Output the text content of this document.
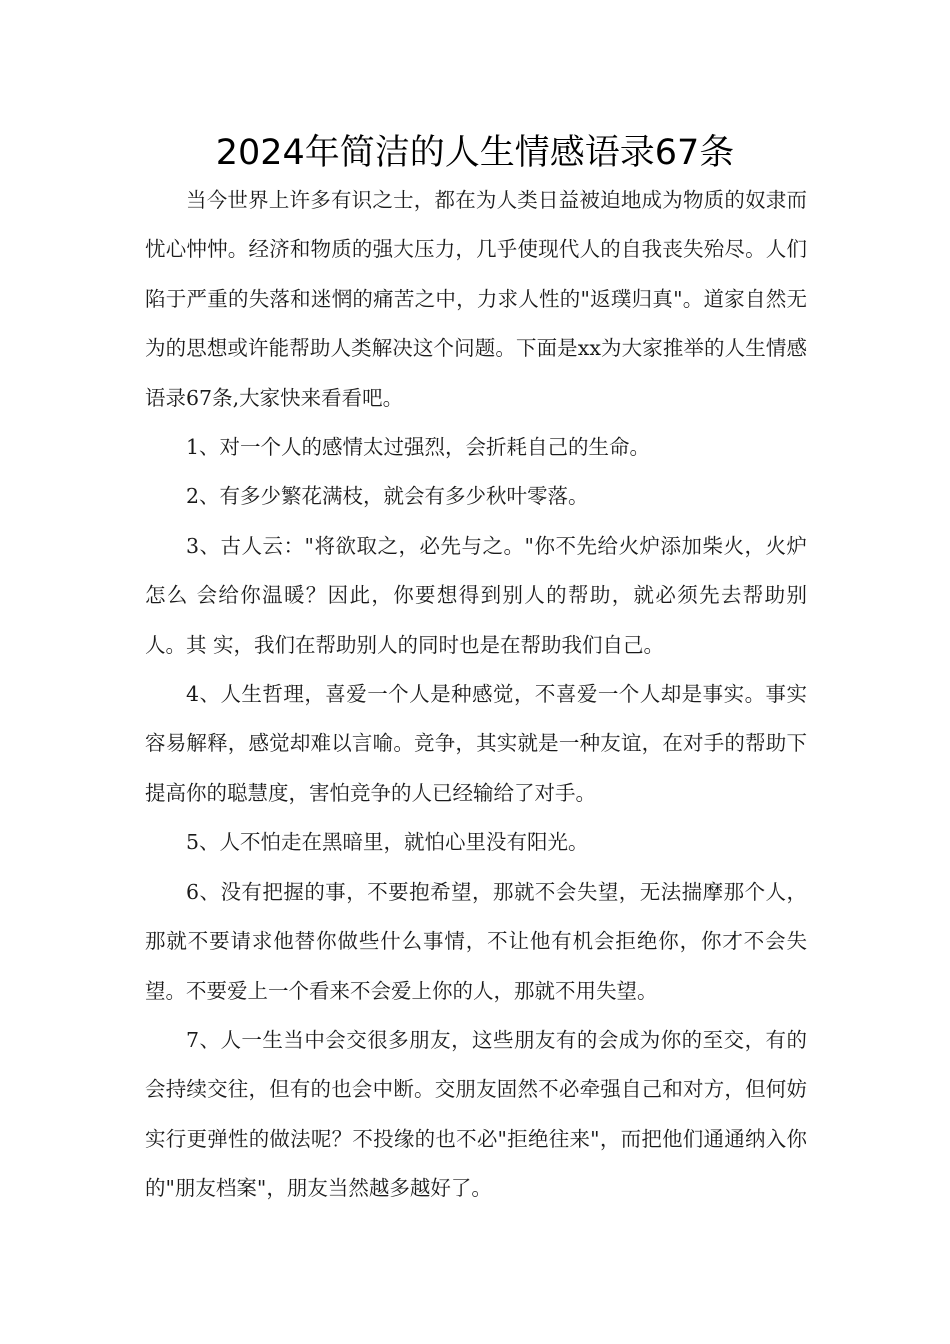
2024年简洁的人生情感语录67条

当今世界上许多有识之士，都在为人类日益被迫地成为物质的奴隶而忧心忡忡。经济和物质的强大压力，几乎使现代人的自我丧失殆尽。人们陷于严重的失落和迷惘的痛苦之中，力求人性的"返璞归真"。道家自然无为的思想或许能帮助人类解决这个问题。下面是xx为大家推举的人生情感语录67条,大家快来看看吧。

1、对一个人的感情太过强烈，会折耗自己的生命。

2、有多少繁花满枝，就会有多少秋叶零落。

3、古人云："将欲取之，必先与之。"你不先给火炉添加柴火，火炉怎么 会给你温暖？因此，你要想得到别人的帮助，就必须先去帮助别人。其 实，我们在帮助别人的同时也是在帮助我们自己。

4、人生哲理，喜爱一个人是种感觉，不喜爱一个人却是事实。事实容易解释，感觉却难以言喻。竞争，其实就是一种友谊，在对手的帮助下提高你的聪慧度，害怕竞争的人已经输给了对手。

5、人不怕走在黑暗里，就怕心里没有阳光。

6、没有把握的事，不要抱希望，那就不会失望，无法揣摩那个人，那就不要请求他替你做些什么事情，不让他有机会拒绝你，你才不会失望。不要爱上一个看来不会爱上你的人，那就不用失望。

7、人一生当中会交很多朋友，这些朋友有的会成为你的至交，有的会持续交往，但有的也会中断。交朋友固然不必牵强自己和对方，但何妨实行更弹性的做法呢？不投缘的也不必"拒绝往来"，而把他们通通纳入你的"朋友档案"，朋友当然越多越好了。
